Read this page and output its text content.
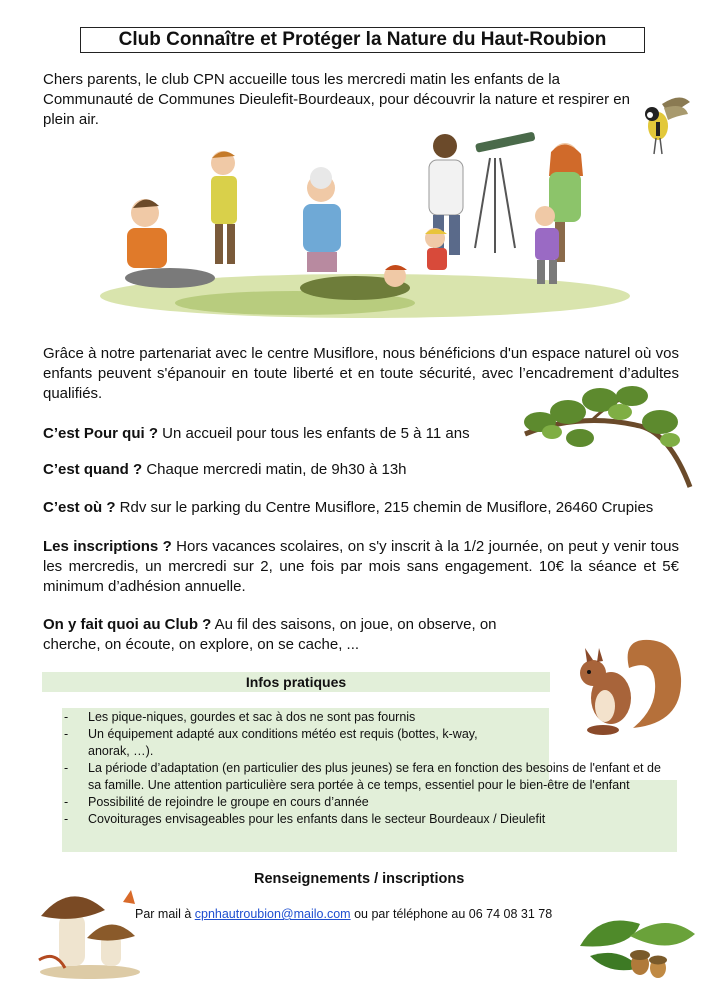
Club Connaître et Protéger la Nature du Haut-Roubion
Chers parents, le club CPN accueille tous les mercredi matin les enfants de la Communauté de Communes Dieulefit-Bourdeaux, pour découvrir la nature et respirer en plein air.
Grâce à notre partenariat avec le centre Musiflore, nous bénéficions d'un espace naturel où vos enfants peuvent s'épanouir en toute liberté et en toute sécurité, avec l’encadrement d’adultes qualifiés.
C’est Pour qui ? Un accueil pour tous les enfants de 5 à 11 ans
C’est quand ? Chaque mercredi matin, de 9h30 à 13h
C’est où ? Rdv sur le parking du Centre Musiflore, 215 chemin de Musiflore, 26460 Crupies
Les inscriptions ? Hors vacances scolaires, on s'y inscrit à la 1/2 journée, on peut y venir tous les mercredis, un mercredi sur 2, une fois par mois sans engagement. 10€ la séance et 5€ minimum d’adhésion annuelle.
On y fait quoi au Club ? Au fil des saisons, on joue, on observe, on cherche, on écoute, on explore, on se cache, ...
Infos pratiques
- Les pique-niques, gourdes et sac à dos ne sont pas fournis
- Un équipement adapté aux conditions météo est requis (bottes, k-way, anorak, …).
- La période d’adaptation (en particulier des plus jeunes) se fera en fonction des besoins de l'enfant et de sa famille. Une attention particulière sera portée à ce temps, essentiel pour le bien-être de l'enfant
- Possibilité de rejoindre le groupe en cours d’année
- Covoiturages envisageables pour les enfants dans le secteur Bourdeaux / Dieulefit
Renseignements / inscriptions
Par mail à cpnhautroubion@mailo.com ou par téléphone au 06 74 08 31 78
